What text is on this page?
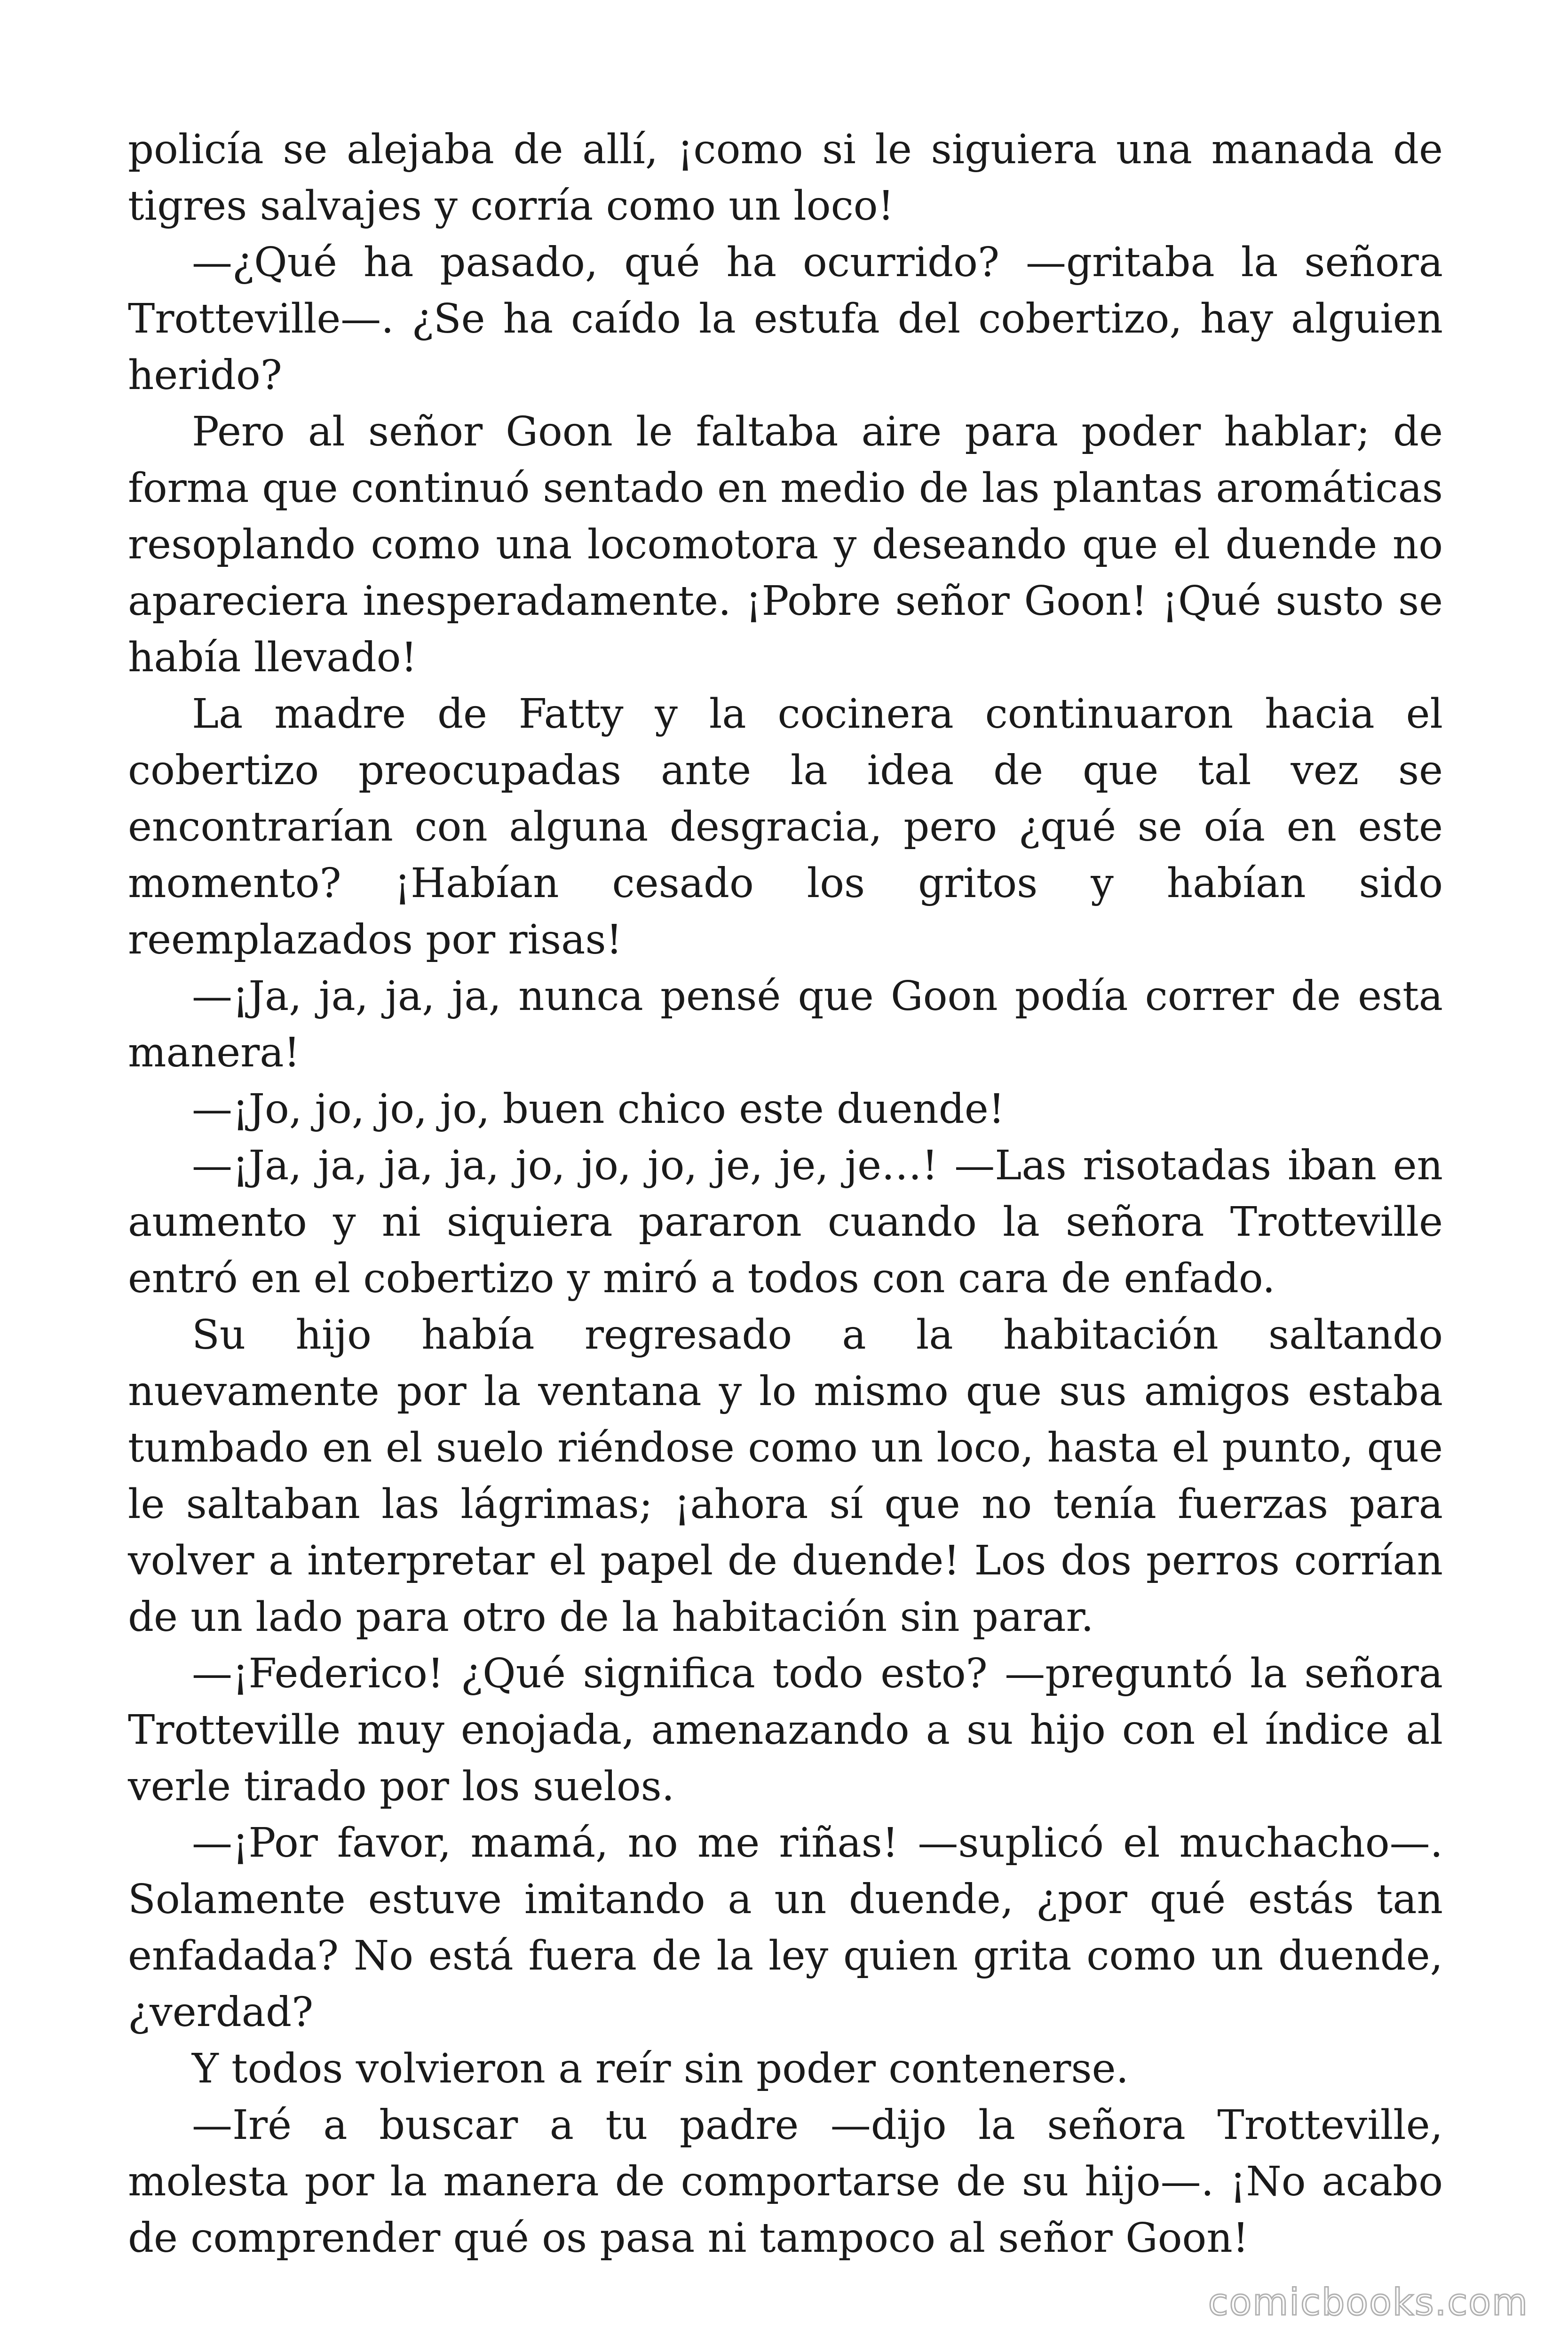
policía se alejaba de allí, ¡como si le siguiera una manada de tigres salvajes y corría como un loco!

—¿Qué ha pasado, qué ha ocurrido? —gritaba la señora Trotteville—. ¿Se ha caído la estufa del cobertizo, hay alguien herido?

Pero al señor Goon le faltaba aire para poder hablar; de forma que continuó sentado en medio de las plantas aromáticas resoplando como una locomotora y deseando que el duende no apareciera inesperadamente. ¡Pobre señor Goon! ¡Qué susto se había llevado!

La madre de Fatty y la cocinera continuaron hacia el cobertizo preocupadas ante la idea de que tal vez se encontrarían con alguna desgracia, pero ¿qué se oía en este momento? ¡Habían cesado los gritos y habían sido reemplazados por risas!

—¡Ja, ja, ja, ja, nunca pensé que Goon podía correr de esta manera!

—¡Jo, jo, jo, jo, buen chico este duende!

—¡Ja, ja, ja, ja, jo, jo, jo, je, je, je…! —Las risotadas iban en aumento y ni siquiera pararon cuando la señora Trotteville entró en el cobertizo y miró a todos con cara de enfado.

Su hijo había regresado a la habitación saltando nuevamente por la ventana y lo mismo que sus amigos estaba tumbado en el suelo riéndose como un loco, hasta el punto, que le saltaban las lágrimas; ¡ahora sí que no tenía fuerzas para volver a interpretar el papel de duende! Los dos perros corrían de un lado para otro de la habitación sin parar.

—¡Federico! ¿Qué significa todo esto? —preguntó la señora Trotteville muy enojada, amenazando a su hijo con el índice al verle tirado por los suelos.

—¡Por favor, mamá, no me riñas! —suplicó el muchacho—. Solamente estuve imitando a un duende, ¿por qué estás tan enfadada? No está fuera de la ley quien grita como un duende, ¿verdad?

Y todos volvieron a reír sin poder contenerse.

—Iré a buscar a tu padre —dijo la señora Trotteville, molesta por la manera de comportarse de su hijo—. ¡No acabo de comprender qué os pasa ni tampoco al señor Goon!

comicbooks.com
